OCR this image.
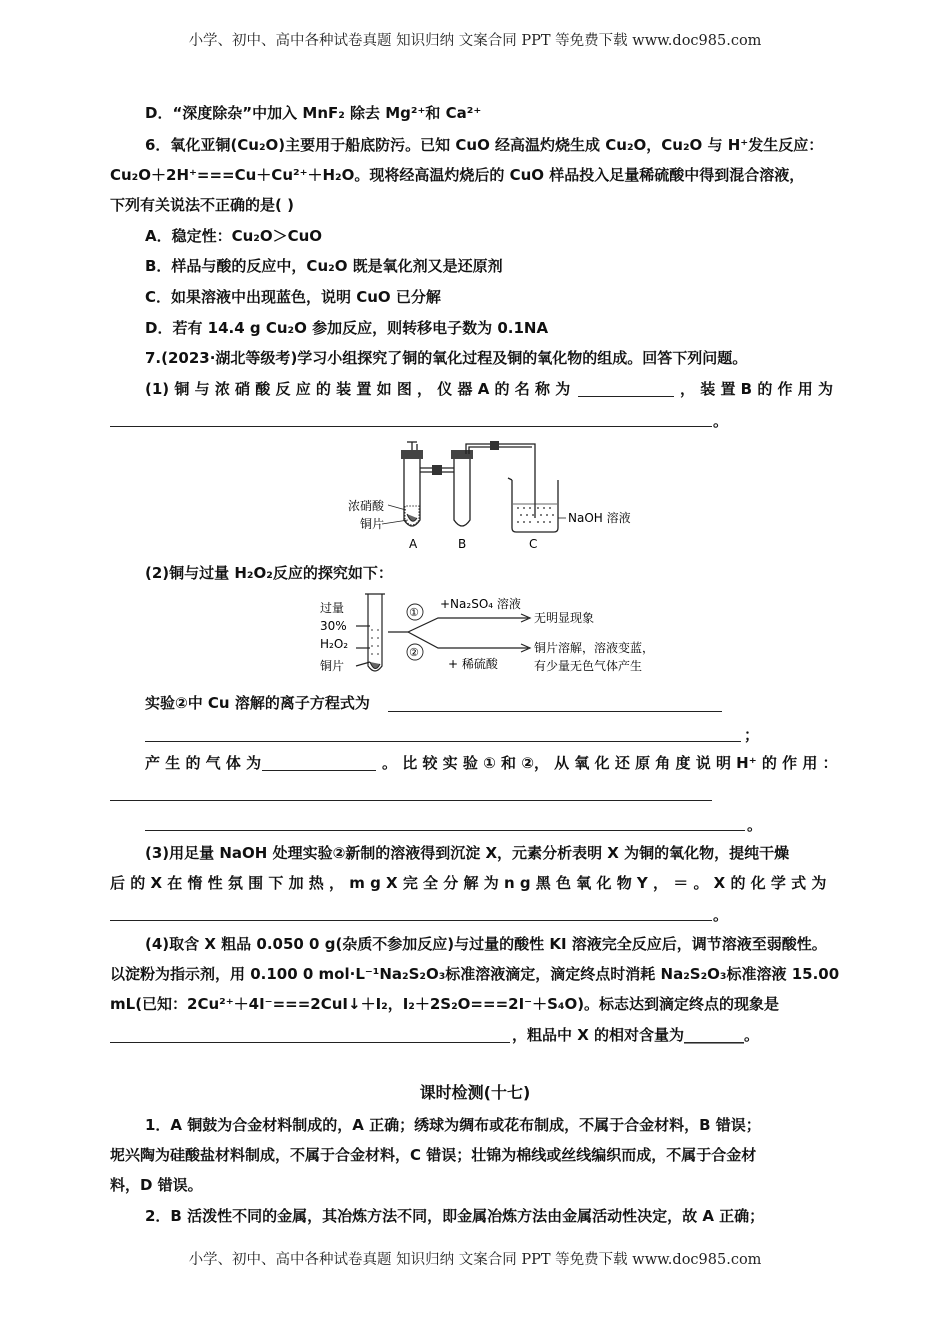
小学、初中、高中各种试卷真题 知识归纳 文案合同 PPT 等免费下载 www.doc985.com
D．“深度除杂”中加入 MnF₂ 除去 Mg²⁺和 Ca²⁺
6．氧化亚铜(Cu₂O)主要用于船底防污。已知 CuO 经高温灼烧生成 Cu₂O，Cu₂O 与 H⁺发生反应：
Cu₂O＋2H⁺===Cu＋Cu²⁺＋H₂O。现将经高温灼烧后的 CuO 样品投入足量稀硫酸中得到混合溶液，
下列有关说法不正确的是( )
A．稳定性：Cu₂O＞CuO
B．样品与酸的反应中，Cu₂O 既是氧化剂又是还原剂
C．如果溶液中出现蓝色，说明 CuO 已分解
D．若有 14.4 g Cu₂O 参加反应，则转移电子数为 0.1NA
7.(2023·湖北等级考)学习小组探究了铜的氧化过程及铜的氧化物的组成。回答下列问题。
(1) 铜 与 浓 硝 酸 反 应 的 装 置 如 图 ， 仪 器 A 的 名 称 为	， 装 置 B 的 作 用 为
。
浓硝酸
铜片	NaOH 溶液
A	B	C
(2)铜与过量 H₂O₂反应的探究如下：
过量
30%
H₂O₂
铜片
①
②
+Na₂SO₄ 溶液
+ 稀硫酸
无明显现象
铜片溶解，溶液变蓝，
有少量无色气体产生
实验②中 Cu 溶解的离子方程式为
；
产 生 的 气 体 为	。 比 较 实 验 ① 和 ②， 从 氧 化 还 原 角 度 说 明 H⁺ 的 作 用 ：
。
(3)用足量 NaOH 处理实验②新制的溶液得到沉淀 X，元素分析表明 X 为铜的氧化物，提纯干燥
后 的 X 在 惰 性 氛 围 下 加 热 ， m g X 完 全 分 解 为 n g 黑 色 氧 化 物 Y ， ＝ 。 X 的 化 学 式 为
。
(4)取含 X 粗品 0.050 0 g(杂质不参加反应)与过量的酸性 KI 溶液完全反应后，调节溶液至弱酸性。
以淀粉为指示剂，用 0.100 0 mol·L⁻¹Na₂S₂O₃标准溶液滴定，滴定终点时消耗 Na₂S₂O₃标准溶液 15.00
mL(已知：2Cu²⁺＋4I⁻===2CuI↓＋I₂，I₂＋2S₂O===2I⁻＋S₄O)。标志达到滴定终点的现象是
，粗品中 X 的相对含量为________。
课时检测(十七)
1．A 铜鼓为合金材料制成的，A 正确；绣球为绸布或花布制成，不属于合金材料，B 错误；
坭兴陶为硅酸盐材料制成，不属于合金材料，C 错误；壮锦为棉线或丝线编织而成，不属于合金材
料，D 错误。
2．B 活泼性不同的金属，其冶炼方法不同，即金属冶炼方法由金属活动性决定，故 A 正确；
小学、初中、高中各种试卷真题 知识归纳 文案合同 PPT 等免费下载 www.doc985.com
